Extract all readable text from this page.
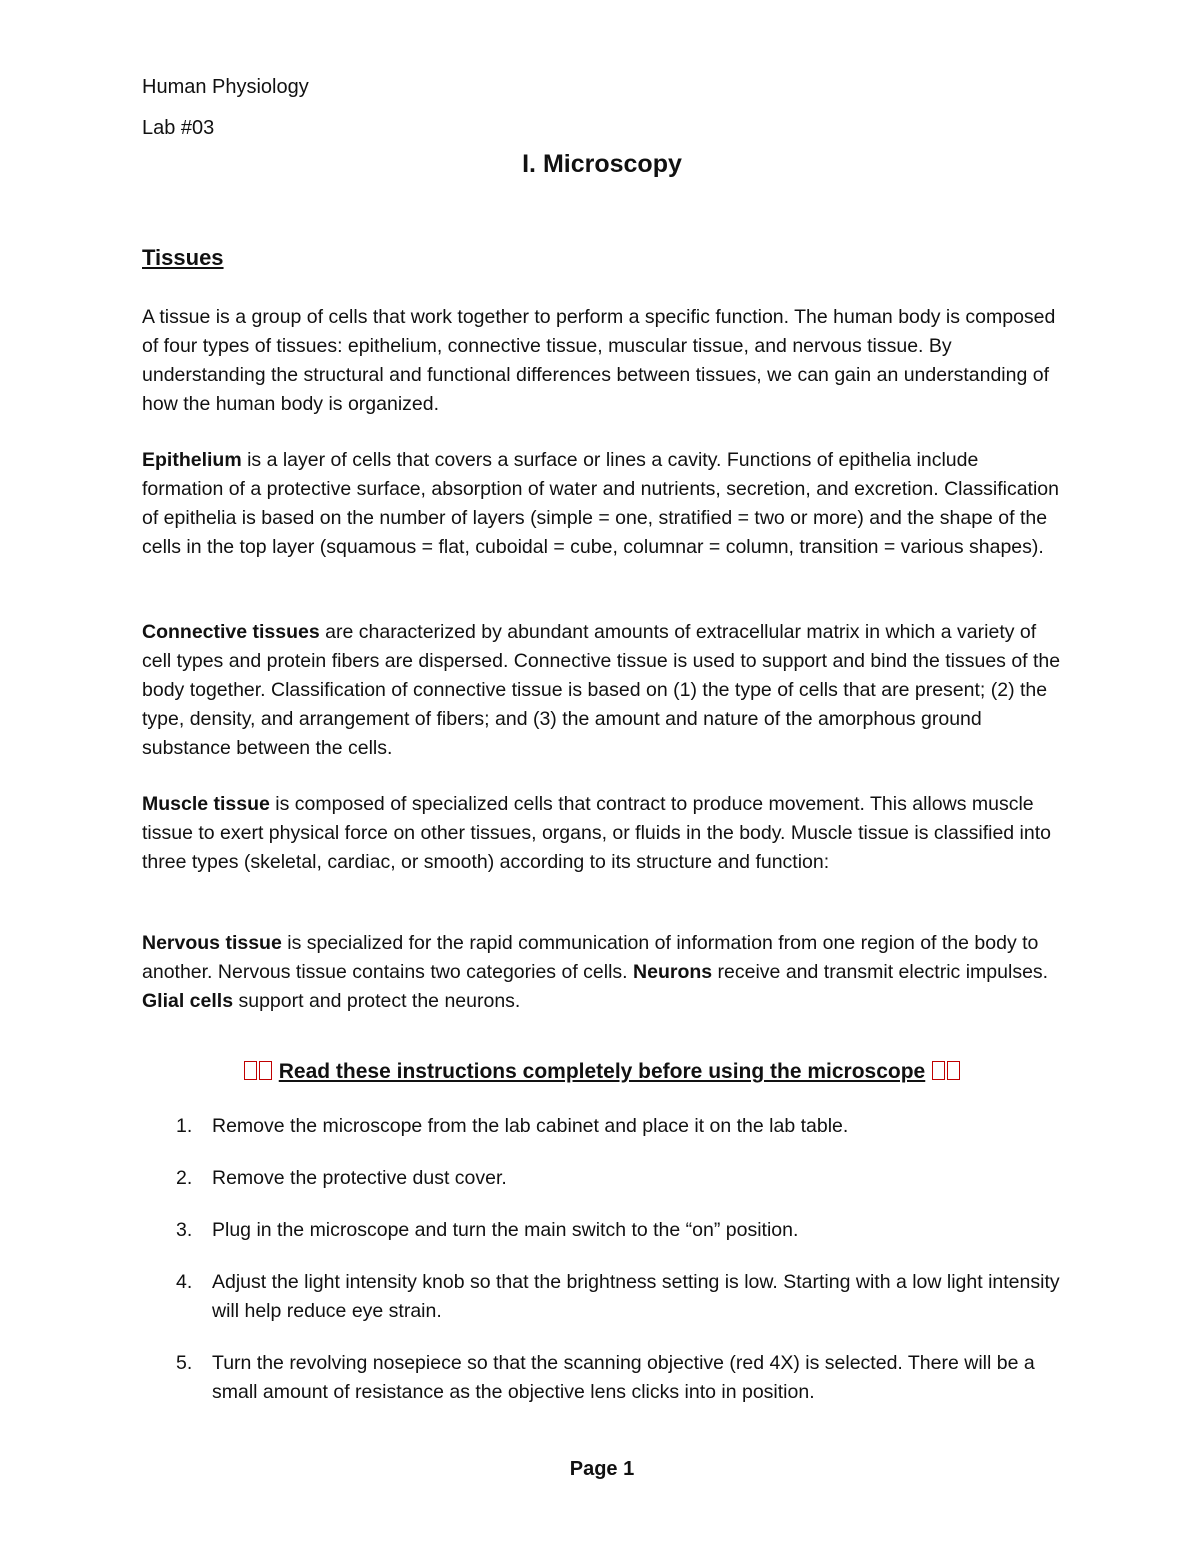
Human Physiology
Lab #03
I. Microscopy
Tissues

A tissue is a group of cells that work together to perform a specific function. The human body is composed of four types of tissues: epithelium, connective tissue, muscular tissue, and nervous tissue. By understanding the structural and functional differences between tissues, we can gain an understanding of how the human body is organized.

Epithelium is a layer of cells that covers a surface or lines a cavity. Functions of epithelia include formation of a protective surface, absorption of water and nutrients, secretion, and excretion. Classification of epithelia is based on the number of layers (simple = one, stratified = two or more) and the shape of the cells in the top layer (squamous = flat, cuboidal = cube, columnar = column, transition = various shapes).

Connective tissues are characterized by abundant amounts of extracellular matrix in which a variety of cell types and protein fibers are dispersed. Connective tissue is used to support and bind the tissues of the body together. Classification of connective tissue is based on (1) the type of cells that are present; (2) the type, density, and arrangement of fibers; and (3) the amount and nature of the amorphous ground substance between the cells.

Muscle tissue is composed of specialized cells that contract to produce movement. This allows muscle tissue to exert physical force on other tissues, organs, or fluids in the body. Muscle tissue is classified into three types (skeletal, cardiac, or smooth) according to its structure and function:

Nervous tissue is specialized for the rapid communication of information from one region of the body to another. Nervous tissue contains two categories of cells. Neurons receive and transmit electric impulses. Glial cells support and protect the neurons.

Read these instructions completely before using the microscope
1. Remove the microscope from the lab cabinet and place it on the lab table.
2. Remove the protective dust cover.
3. Plug in the microscope and turn the main switch to the “on” position.
4. Adjust the light intensity knob so that the brightness setting is low. Starting with a low light intensity will help reduce eye strain.
5. Turn the revolving nosepiece so that the scanning objective (red 4X) is selected. There will be a small amount of resistance as the objective lens clicks into in position.
Page 1
